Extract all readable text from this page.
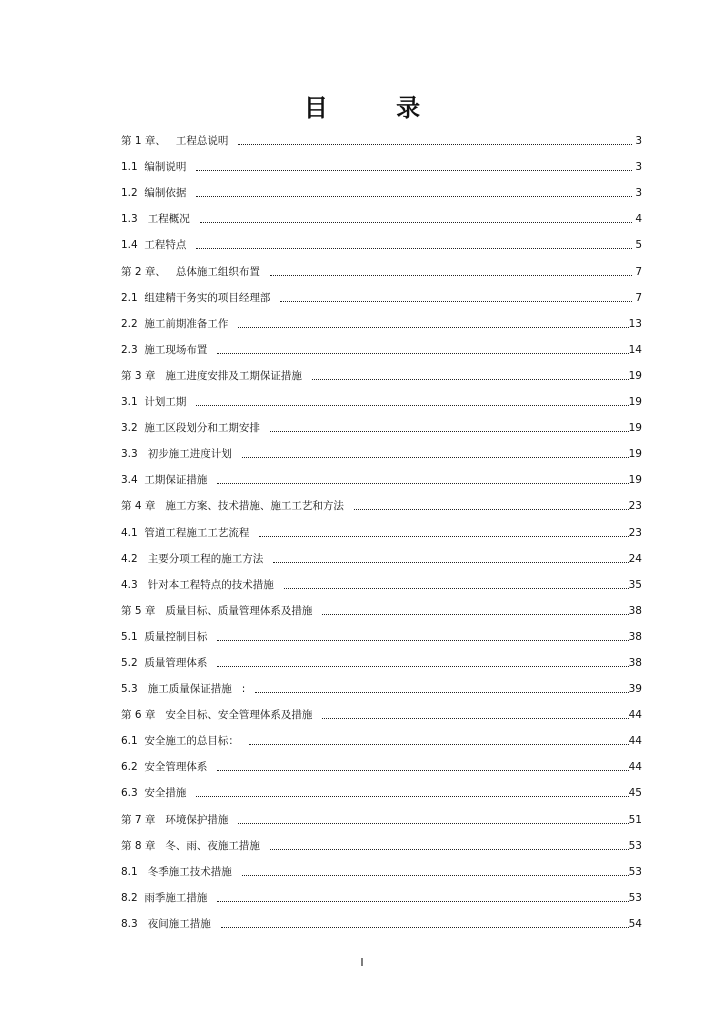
目 录
第 1 章、   工程总说明	3
1.1  编制说明	3
1.2  编制依据	3
1.3   工程概况	4
1.4  工程特点	5
第 2 章、   总体施工组织布置	7
2.1  组建精干务实的项目经理部	7
2.2  施工前期准备工作	13
2.3  施工现场布置	14
第 3 章   施工进度安排及工期保证措施	19
3.1  计划工期	19
3.2  施工区段划分和工期安排	19
3.3   初步施工进度计划	19
3.4  工期保证措施	19
第 4 章   施工方案、技术措施、施工工艺和方法	23
4.1  管道工程施工工艺流程	23
4.2   主要分项工程的施工方法	24
4.3   针对本工程特点的技术措施	35
第 5 章   质量目标、质量管理体系及措施	38
5.1  质量控制目标	38
5.2  质量管理体系	38
5.3   施工质量保证措施   :	39
第 6 章   安全目标、安全管理体系及措施	44
6.1  安全施工的总目标：	44
6.2  安全管理体系	44
6.3  安全措施	45
第 7 章   环境保护措施	51
第 8 章   冬、雨、夜施工措施	53
8.1   冬季施工技术措施	53
8.2  雨季施工措施	53
8.3   夜间施工措施	54
I
